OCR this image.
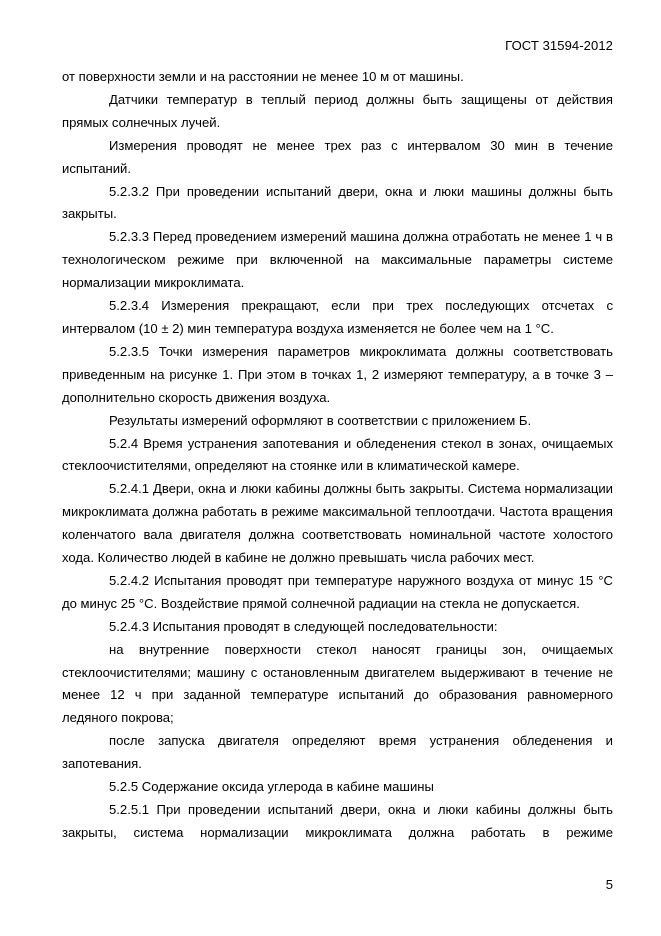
ГОСТ 31594-2012

от поверхности земли и на расстоянии не менее 10 м от машины.

Датчики температур в теплый период должны быть защищены от действия прямых солнечных лучей.

Измерения проводят не менее трех раз с интервалом 30 мин в течение испытаний.

5.2.3.2 При проведении испытаний двери, окна и люки машины должны быть закрыты.

5.2.3.3 Перед проведением измерений машина должна отработать не менее 1 ч в технологическом режиме при включенной на максимальные параметры системе нормализации микроклимата.

5.2.3.4 Измерения прекращают, если при трех последующих отсчетах с интервалом (10 ± 2) мин температура воздуха изменяется не более чем на 1 °С.

5.2.3.5 Точки измерения параметров микроклимата должны соответствовать приведенным на рисунке 1. При этом в точках 1, 2 измеряют температуру, а в точке 3 – дополнительно скорость движения воздуха.

Результаты измерений оформляют в соответствии с приложением Б.

5.2.4 Время устранения запотевания и обледенения стекол в зонах, очищаемых стеклоочистителями, определяют на стоянке или в климатической камере.

5.2.4.1 Двери, окна и люки кабины должны быть закрыты. Система нормализации микроклимата должна работать в режиме максимальной теплоотдачи. Частота вращения коленчатого вала двигателя должна соответствовать номинальной частоте холостого хода. Количество людей в кабине не должно превышать числа рабочих мест.

5.2.4.2 Испытания проводят при температуре наружного воздуха от минус 15 °С до минус 25 °С. Воздействие прямой солнечной радиации на стекла не допускается.

5.2.4.3 Испытания проводят в следующей последовательности:

на внутренние поверхности стекол наносят границы зон, очищаемых стеклоочистителями; машину с остановленным двигателем выдерживают в течение не менее 12 ч при заданной температуре испытаний до образования равномерного ледяного покрова;

после запуска двигателя определяют время устранения обледенения и запотевания.

5.2.5 Содержание оксида углерода в кабине машины

5.2.5.1 При проведении испытаний двери, окна и люки кабины должны быть закрыты, система нормализации микроклимата должна работать в режиме

5
